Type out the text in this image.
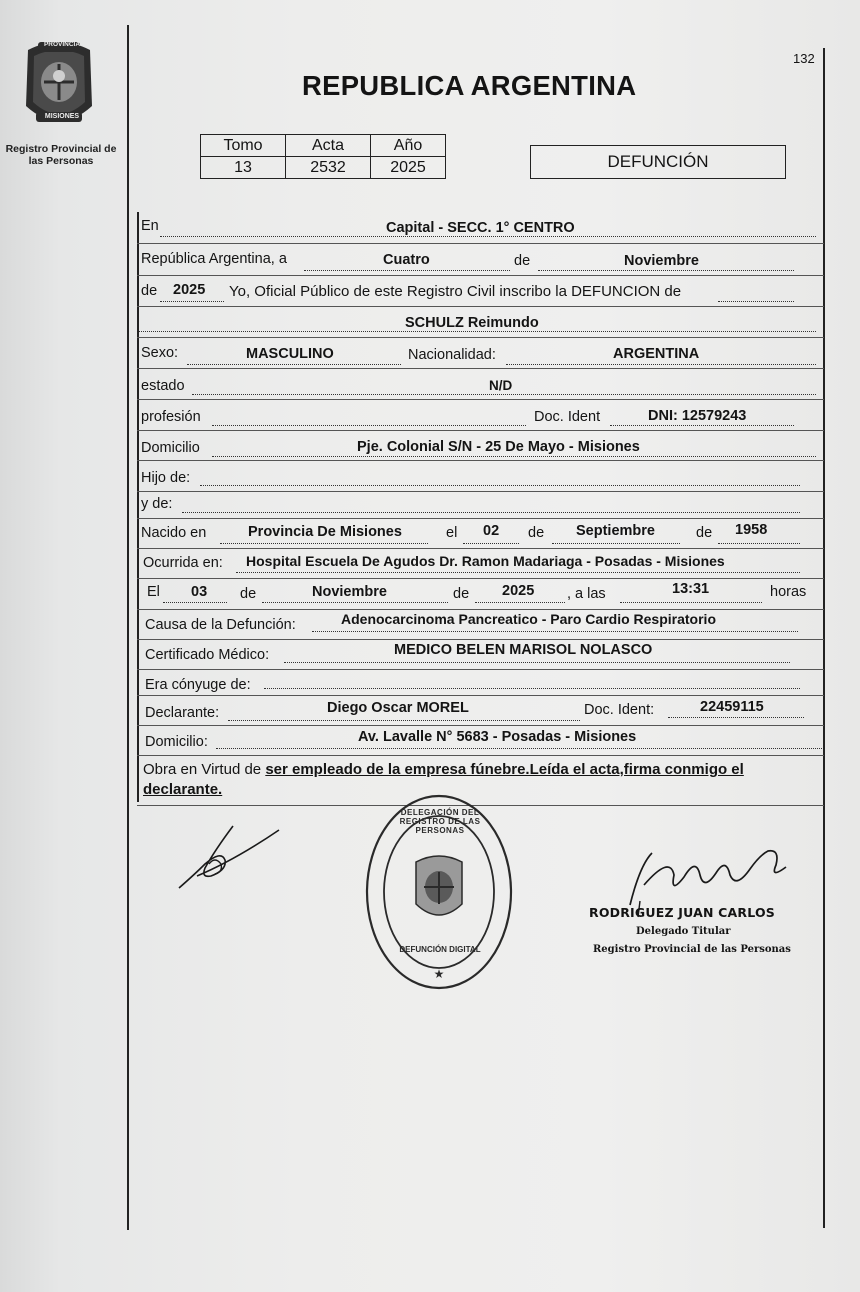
PROVINCIA
MISIONES
Registro Provincial de
las Personas
132
REPUBLICA ARGENTINA
Tomo	Acta	Año
13	2532	2025	DEFUNCIÓN
En	Capital - SECC. 1° CENTRO
República Argentina, a	Cuatro	de	Noviembre
de 2025 Yo, Oficial Público de este Registro Civil inscribo la DEFUNCION de
SCHULZ Reimundo
Sexo:	MASCULINO	Nacionalidad:	ARGENTINA
estado	N/D
profesión	Doc. Ident	DNI: 12579243
Domicilio	Pje. Colonial S/N - 25 De Mayo - Misiones
Hijo de:
y de:
Nacido en	Provincia De Misiones	el 02 de Septiembre	de 1958
Ocurrida en: Hospital Escuela De Agudos Dr. Ramon Madariaga - Posadas - Misiones
El 03 de	Noviembre	de 2025 , a las	13:31	horas
Causa de la Defunción:	Adenocarcinoma Pancreatico - Paro Cardio Respiratorio
Certificado Médico:	MEDICO BELEN MARISOL NOLASCO
Era cónyuge de:
Declarante:	Diego Oscar MOREL	Doc. Ident:	22459115
Domicilio:	Av. Lavalle N° 5683 - Posadas - Misiones
Obra en Virtud de ser empleado de la empresa fúnebre.Leída el acta,firma conmigo el declarante.
★
DELEGACIÓN DEL REGISTRO DE LAS PERSONAS
DEFUNCIÓN DIGITAL
RODRIGUEZ JUAN CARLOS
Delegado Titular
Registro Provincial de las Personas
